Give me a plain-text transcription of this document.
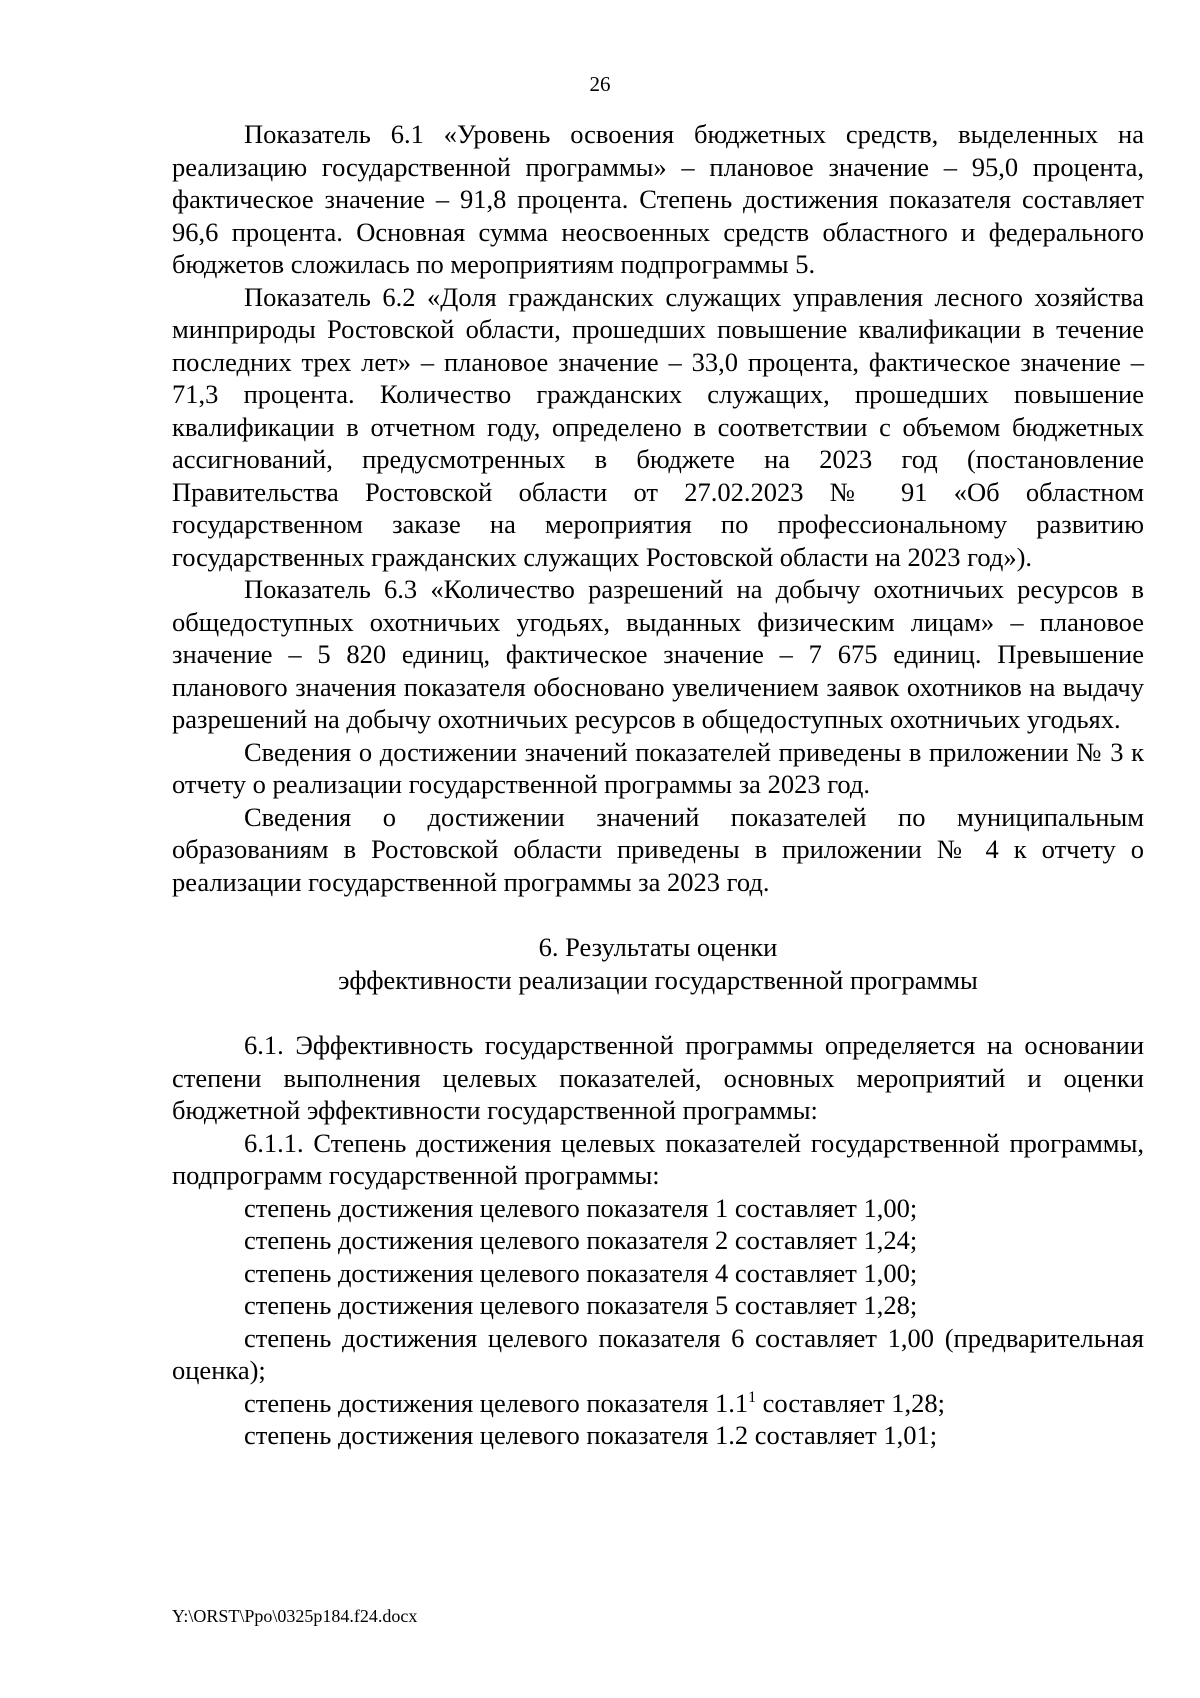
26

Показатель 6.1 «Уровень освоения бюджетных средств, выделенных на реализацию государственной программы» – плановое значение – 95,0 процента, фактическое значение – 91,8 процента. Степень достижения показателя составляет 96,6 процента. Основная сумма неосвоенных средств областного и федерального бюджетов сложилась по мероприятиям подпрограммы 5.

Показатель 6.2 «Доля гражданских служащих управления лесного хозяйства минприроды Ростовской области, прошедших повышение квалификации в течение последних трех лет» – плановое значение – 33,0 процента, фактическое значение – 71,3 процента. Количество гражданских служащих, прошедших повышение квалификации в отчетном году, определено в соответствии с объемом бюджетных ассигнований, предусмотренных в бюджете на 2023 год (постановление Правительства Ростовской области от 27.02.2023 № 91 «Об областном государственном заказе на мероприятия по профессиональному развитию государственных гражданских служащих Ростовской области на 2023 год»).

Показатель 6.3 «Количество разрешений на добычу охотничьих ресурсов в общедоступных охотничьих угодьях, выданных физическим лицам» – плановое значение – 5 820 единиц, фактическое значение – 7 675 единиц. Превышение планового значения показателя обосновано увеличением заявок охотников на выдачу разрешений на добычу охотничьих ресурсов в общедоступных охотничьих угодьях.

Сведения о достижении значений показателей приведены в приложении № 3 к отчету о реализации государственной программы за 2023 год.

Сведения о достижении значений показателей по муниципальным образованиям в Ростовской области приведены в приложении № 4 к отчету о реализации государственной программы за 2023 год.

6. Результаты оценки

эффективности реализации государственной программы

6.1. Эффективность государственной программы определяется на основании степени выполнения целевых показателей, основных мероприятий и оценки бюджетной эффективности государственной программы:

6.1.1. Степень достижения целевых показателей государственной программы, подпрограмм государственной программы:

степень достижения целевого показателя 1 составляет 1,00;

степень достижения целевого показателя 2 составляет 1,24;

степень достижения целевого показателя 4 составляет 1,00;

степень достижения целевого показателя 5 составляет 1,28;

степень достижения целевого показателя 6 составляет 1,00 (предварительная оценка);

степень достижения целевого показателя $1.1^1$ составляет 1,28;

степень достижения целевого показателя 1.2 составляет 1,01;

Y:\ORST\Ppo\0325p184.f24.docx
